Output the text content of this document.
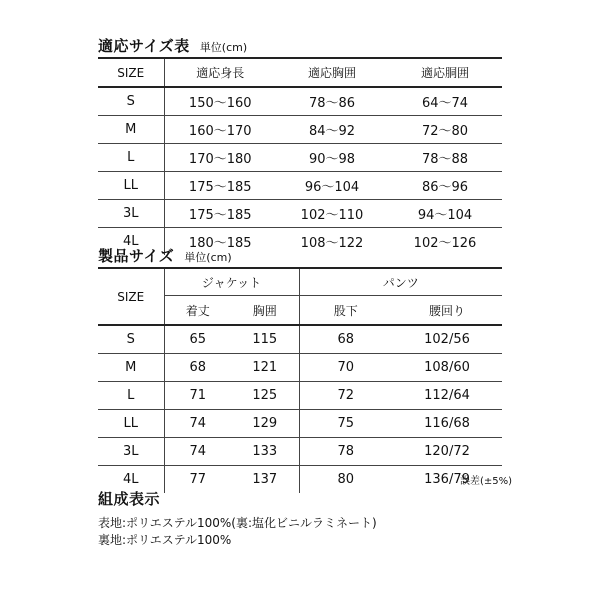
適応サイズ表 単位(cm)
SIZE	適応身長	適応胸囲	適応胴囲
S	150〜160	78〜86	64〜74
M	160〜170	84〜92	72〜80
L	170〜180	90〜98	78〜88
LL	175〜185	96〜104	86〜96
3L	175〜185	102〜110	94〜104
4L	180〜185	108〜122	102〜126
製品サイズ 単位(cm)
SIZE	ジャケット		パンツ	
	着丈	胸囲	股下	腰回り
S	65	115	68	102/56
M	68	121	70	108/60
L	71	125	72	112/64
LL	74	129	75	116/68
3L	74	133	78	120/72
4L	77	137	80	136/79
誤差(±5%)
組成表示
表地:ポリエステル100%(裏:塩化ビニルラミネート)
裏地:ポリエステル100%
